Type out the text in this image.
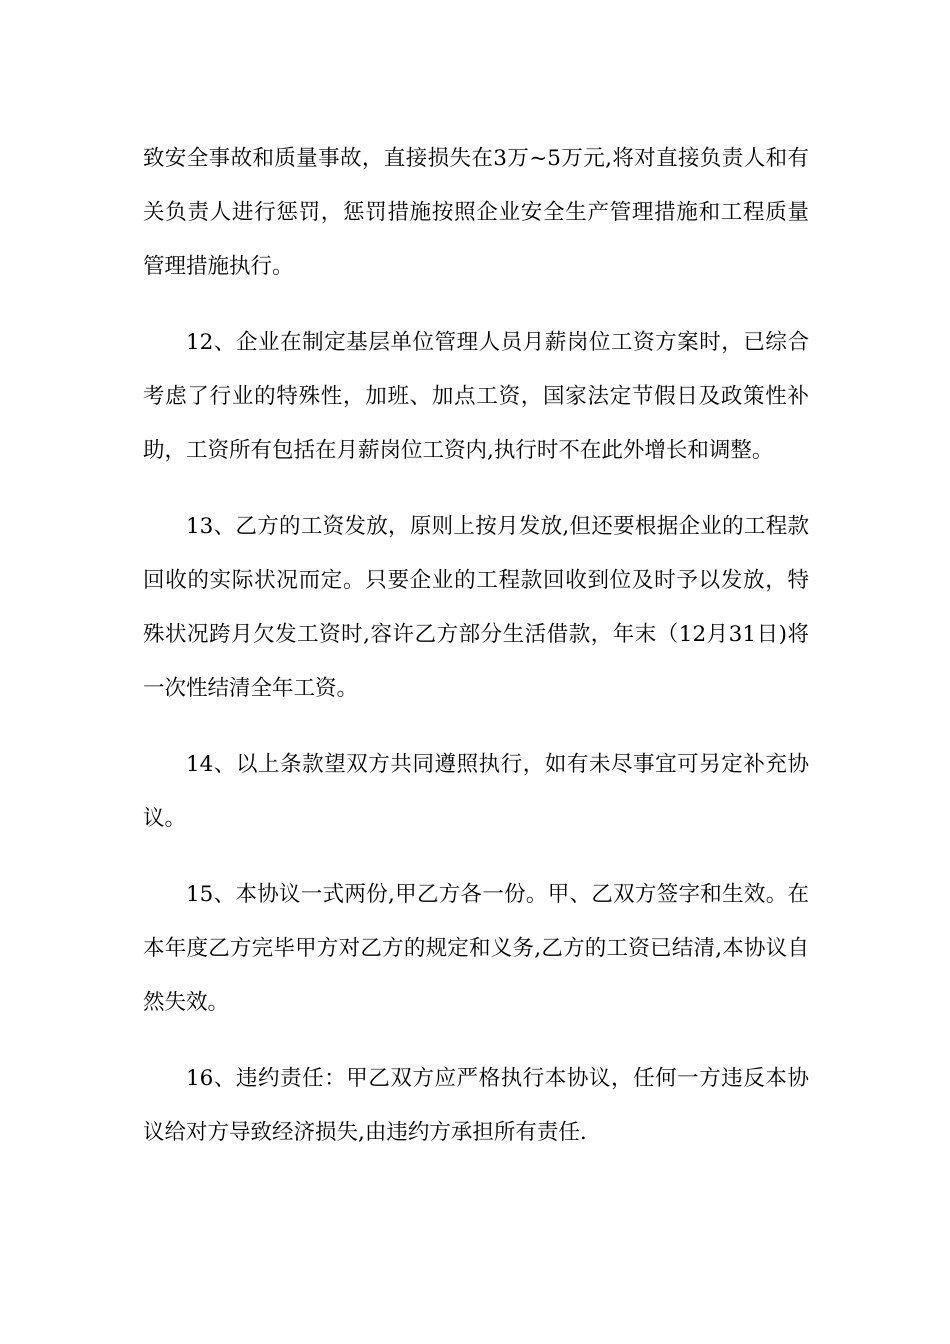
致安全事故和质量事故，直接损失在3万~5万元,将对直接负责人和有关负责人进行惩罚，惩罚措施按照企业安全生产管理措施和工程质量管理措施执行。

12、企业在制定基层单位管理人员月薪岗位工资方案时，已综合考虑了行业的特殊性，加班、加点工资，国家法定节假日及政策性补助，工资所有包括在月薪岗位工资内,执行时不在此外增长和调整。

13、乙方的工资发放，原则上按月发放,但还要根据企业的工程款回收的实际状况而定。只要企业的工程款回收到位及时予以发放，特殊状况跨月欠发工资时,容许乙方部分生活借款，年末（12月31日)将一次性结清全年工资。

14、以上条款望双方共同遵照执行，如有未尽事宜可另定补充协议。

15、本协议一式两份,甲乙方各一份。甲、乙双方签字和生效。在本年度乙方完毕甲方对乙方的规定和义务,乙方的工资已结清,本协议自然失效。

16、违约责任：甲乙双方应严格执行本协议，任何一方违反本协议给对方导致经济损失,由违约方承担所有责任.
